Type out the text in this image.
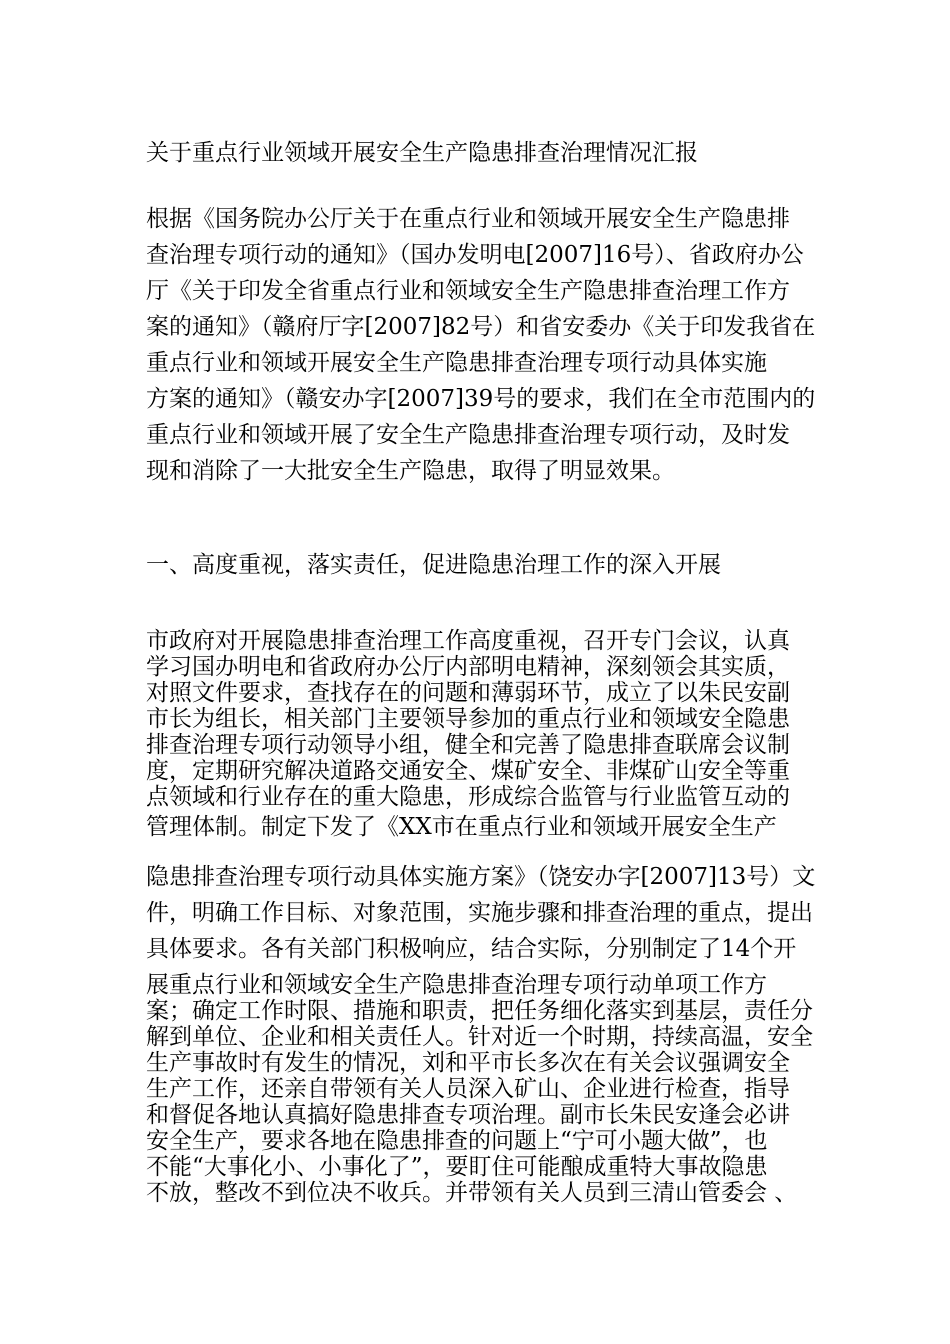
关于重点行业领域开展安全生产隐患排查治理情况汇报
根据《国务院办公厅关于在重点行业和领域开展安全生产隐患排
查治理专项行动的通知》（国办发明电[2007]16号）、省政府办公
厅《关于印发全省重点行业和领域安全生产隐患排查治理工作方
案的通知》（赣府厅字[2007]82号）和省安委办《关于印发我省在
重点行业和领域开展安全生产隐患排查治理专项行动具体实施
方案的通知》（赣安办字[2007]39号的要求，我们在全市范围内的
重点行业和领域开展了安全生产隐患排查治理专项行动，及时发
现和消除了一大批安全生产隐患，取得了明显效果。
一、高度重视，落实责任，促进隐患治理工作的深入开展
市政府对开展隐患排查治理工作高度重视，召开专门会议，认真
学习国办明电和省政府办公厅内部明电精神，深刻领会其实质，
对照文件要求，查找存在的问题和薄弱环节，成立了以朱民安副
市长为组长，相关部门主要领导参加的重点行业和领域安全隐患
排查治理专项行动领导小组，健全和完善了隐患排查联席会议制
度，定期研究解决道路交通安全、煤矿安全、非煤矿山安全等重
点领域和行业存在的重大隐患，形成综合监管与行业监管互动的
管理体制。制定下发了《XX市在重点行业和领域开展安全生产
隐患排查治理专项行动具体实施方案》（饶安办字[2007]13号）文
件，明确工作目标、对象范围，实施步骤和排查治理的重点，提出
具体要求。各有关部门积极响应，结合实际，分别制定了14个开
展重点行业和领域安全生产隐患排查治理专项行动单项工作方
案；确定工作时限、措施和职责，把任务细化落实到基层，责任分
解到单位、企业和相关责任人。针对近一个时期，持续高温，安全
生产事故时有发生的情况，刘和平市长多次在有关会议强调安全
生产工作，还亲自带领有关人员深入矿山、企业进行检查，指导
和督促各地认真搞好隐患排查专项治理。副市长朱民安逢会必讲
安全生产，要求各地在隐患排查的问题上“宁可小题大做”，也
不能“大事化小、小事化了”，要盯住可能酿成重特大事故隐患
不放，整改不到位决不收兵。并带领有关人员到三清山管委会 、
